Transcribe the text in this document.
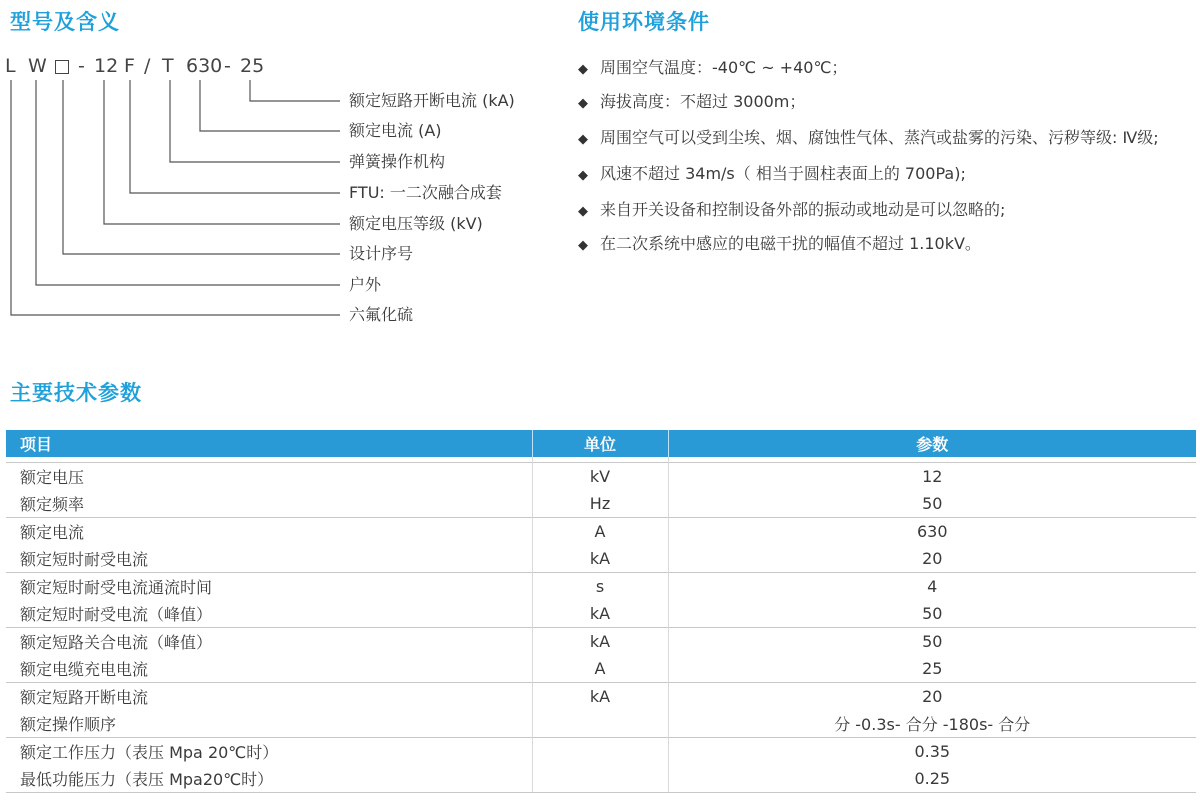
型号及含义	使用环境条件
主要技术参数
L W - 12 F / T 630 - 25
额定短路开断电流 (kA)
额定电流 (A)
弹簧操作机构
FTU: 一二次融合成套
额定电压等级 (kV)
设计序号
户外
六氟化硫
◆ 周围空气温度：-40℃ ~ +40℃；
◆ 海拔高度：不超过 3000m；
◆ 周围空气可以受到尘埃、烟、腐蚀性气体、蒸汽或盐雾的污染、污秽等级: Ⅳ级;
◆ 风速不超过 34m/s（ 相当于圆柱表面上的 700Pa);
◆ 来自开关设备和控制设备外部的振动或地动是可以忽略的;
◆ 在二次系统中感应的电磁干扰的幅值不超过 1.10kV。
项目	单位	参数

额定电压	kV	12
额定频率	Hz	50
额定电流	A	630
额定短时耐受电流	kA	20
额定短时耐受电流通流时间	s	4
额定短时耐受电流（峰值）	kA	50
额定短路关合电流（峰值）	kA	50
额定电缆充电电流	A	25
额定短路开断电流	kA	20
额定操作顺序		分 -0.3s- 合分 -180s- 合分
额定工作压力（表压 Mpa 20℃时）		0.35
最低功能压力（表压 Mpa20℃时）		0.25
